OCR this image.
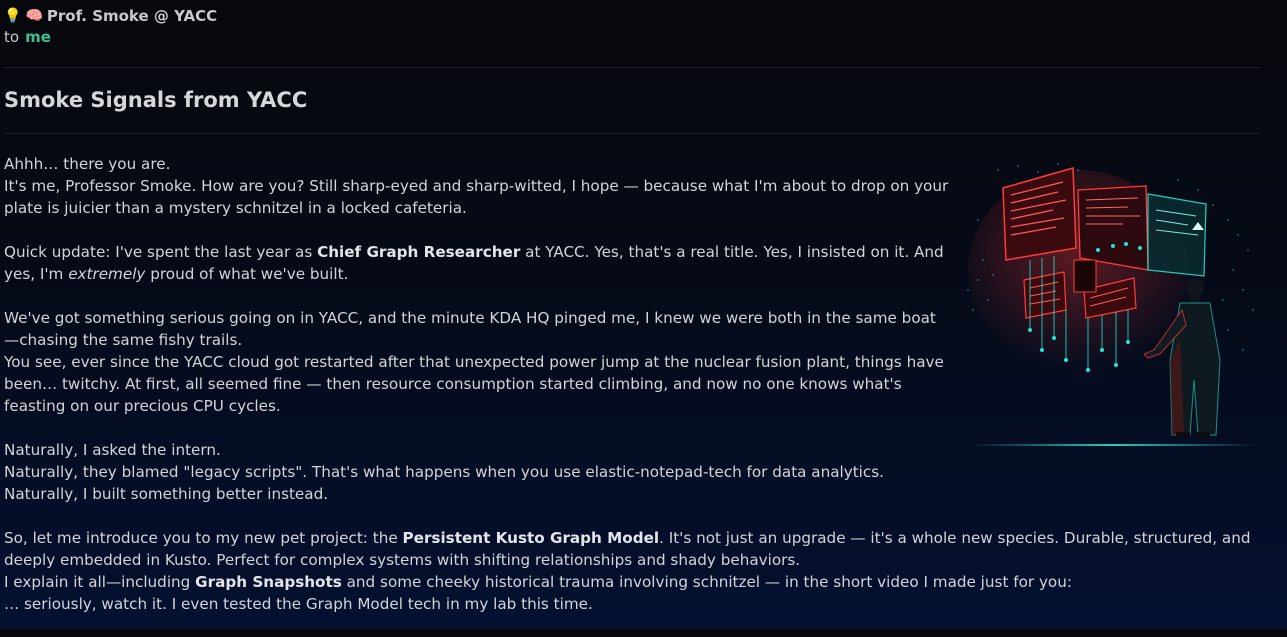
💡 🧠 Prof. Smoke @ YACC
to me
Smoke Signals from YACC

Ahhh… there you are.
It's me, Professor Smoke. How are you? Still sharp-eyed and sharp-witted, I hope — because what I'm about to drop on your plate is juicier than a mystery schnitzel in a locked cafeteria.

Quick update: I've spent the last year as Chief Graph Researcher at YACC. Yes, that's a real title. Yes, I insisted on it. And yes, I'm extremely proud of what we've built.

We've got something serious going on in YACC, and the minute KDA HQ pinged me, I knew we were both in the same boat—chasing the same fishy trails.
You see, ever since the YACC cloud got restarted after that unexpected power jump at the nuclear fusion plant, things have been… twitchy. At first, all seemed fine — then resource consumption started climbing, and now no one knows what's feasting on our precious CPU cycles.

Naturally, I asked the intern.
Naturally, they blamed "legacy scripts". That's what happens when you use elastic-notepad-tech for data analytics.
Naturally, I built something better instead.

So, let me introduce you to my new pet project: the Persistent Kusto Graph Model. It's not just an upgrade — it's a whole new species. Durable, structured, and deeply embedded in Kusto. Perfect for complex systems with shifting relationships and shady behaviors.
I explain it all—including Graph Snapshots and some cheeky historical trauma involving schnitzel — in the short video I made just for you:
… seriously, watch it. I even tested the Graph Model tech in my lab this time.
